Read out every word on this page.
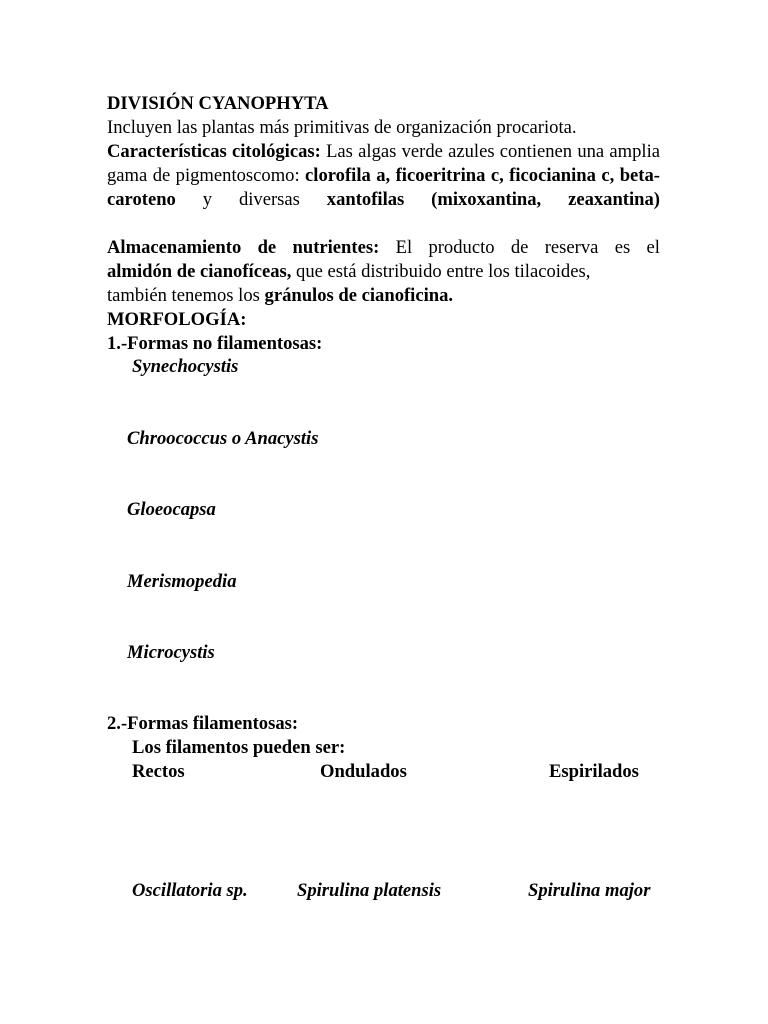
DIVISIÓN CYANOPHYTA
Incluyen las plantas más primitivas de organización procariota.
Características citológicas: Las algas verde azules contienen una amplia gama de pigmentoscomo: clorofila a, ficoeritrina c, ficocianina c, beta-caroteno y diversas xantofilas (mixoxantina, zeaxantina)
Almacenamiento de nutrientes: El producto de reserva es el
almidón de cianofíceas, que está distribuido entre los tilacoides,
también tenemos los gránulos de cianoficina.
MORFOLOGÍA:
1.-Formas no filamentosas:
Synechocystis
Chroococcus o Anacystis
Gloeocapsa
Merismopedia
Microcystis
2.-Formas filamentosas:
Los filamentos pueden ser:
Rectos	Ondulados	Espirilados
Oscillatoria sp.	Spirulina platensis	Spirulina major
